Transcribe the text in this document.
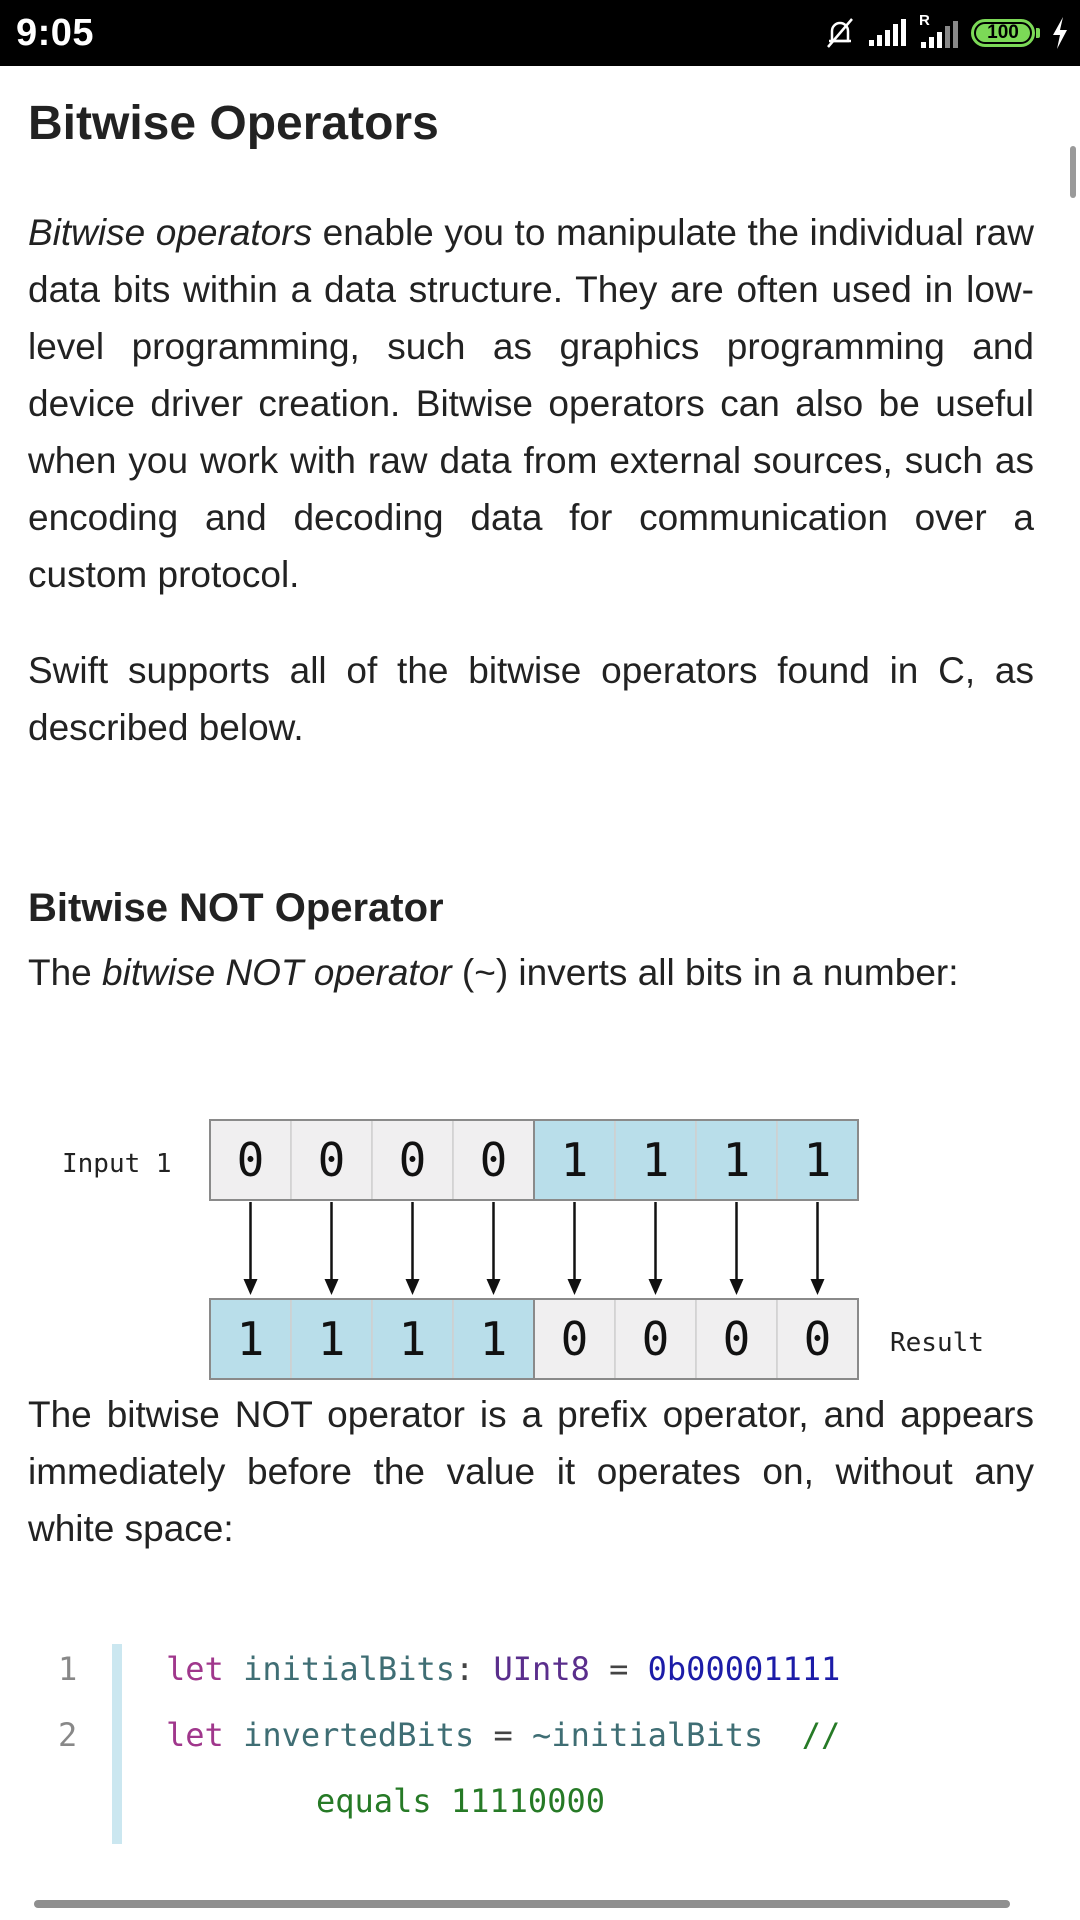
9:05	R
100
Bitwise Operators
Bitwise operators enable you to manipulate the individual raw data bits within a data structure. They are often used in low-level programming, such as graphics programming and device driver creation. Bitwise operators can also be useful when you work with raw data from external sources, such as encoding and decoding data for communication over a custom protocol.
Swift supports all of the bitwise operators found in C, as described below.
Bitwise NOT Operator
The bitwise NOT operator (~) inverts all bits in a number:
Input 1
Result
0 0 0 0 1 1 1 1
1 1 1 1 0 0 0 0
The bitwise NOT operator is a prefix operator, and appears immediately before the value it operates on, without any white space:
1	let initialBits: UInt8 = 0b00001111
2	let invertedBits = ~initialBits //
equals 11110000
